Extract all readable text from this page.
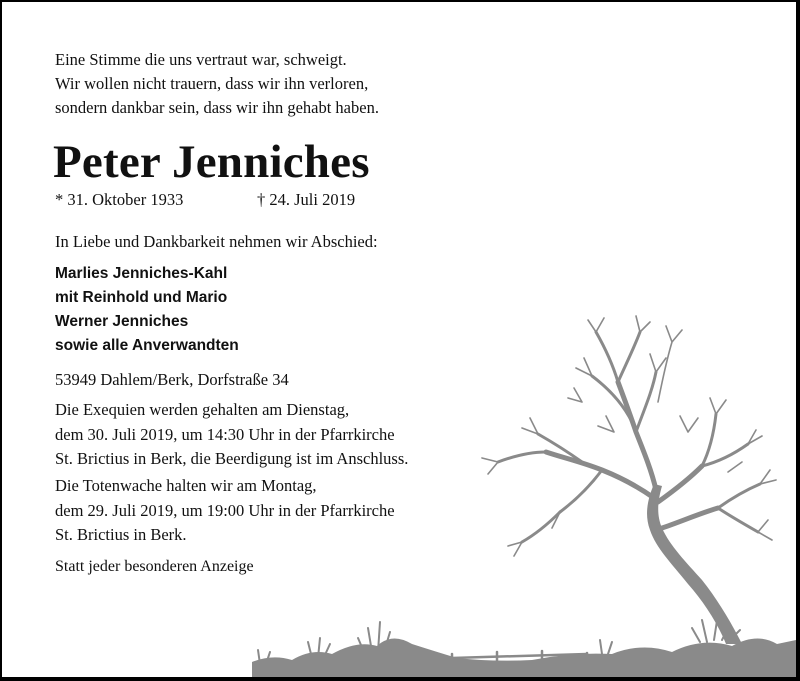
Eine Stimme die uns vertraut war, schweigt.
Wir wollen nicht trauern, dass wir ihn verloren,
sondern dankbar sein, dass wir ihn gehabt haben.
Peter Jenniches
* 31. Oktober 1933	† 24. Juli 2019
In Liebe und Dankbarkeit nehmen wir Abschied:
Marlies Jenniches-Kahl
mit Reinhold und Mario
Werner Jenniches
sowie alle Anverwandten
53949 Dahlem/Berk, Dorfstraße 34
Die Exequien werden gehalten am Dienstag,
dem 30. Juli 2019, um 14:30 Uhr in der Pfarrkirche
St. Brictius in Berk, die Beerdigung ist im Anschluss.
Die Totenwache halten wir am Montag,
dem 29. Juli 2019, um 19:00 Uhr in der Pfarrkirche
St. Brictius in Berk.
Statt jeder besonderen Anzeige
